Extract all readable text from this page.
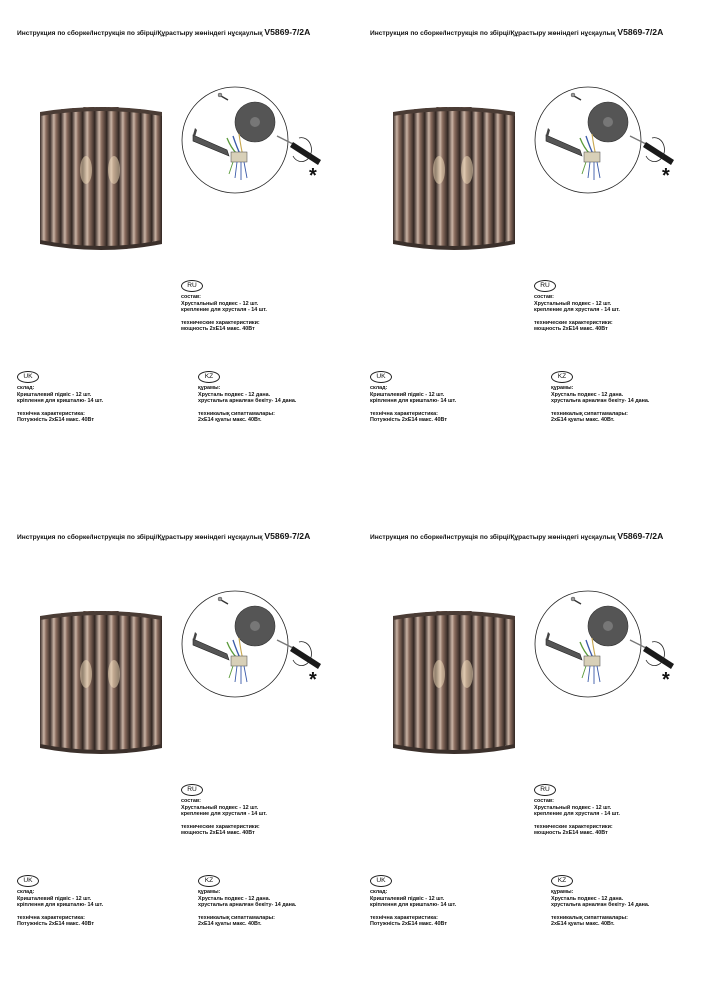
Инструкция по сборке/Інструкція по збірці/Құрастыру жөніндегі нұсқаулық V5869-7/2A
*
RU
состав:
Хрустальный подвес - 12 шт.
крепление для хрусталя - 14 шт.
технические характеристики:
мощность 2хЕ14 макс. 40Вт
UK
склад:
Кришталевий підвіс - 12 шт.
кріплення для кришталю- 14 шт.
технічна характеристика:
Потужність 2хЕ14 макс. 40Вт
KZ
құрамы:
Хрусталь подвес - 12 дана.
хрустальға арналған бекіту- 14 дана.
техникалық сипаттамалары:
2хЕ14 қуаты макс. 40Вт.
Инструкция по сборке/Інструкція по збірці/Құрастыру жөніндегі нұсқаулық V5869-7/2A
*
RU
состав:
Хрустальный подвес - 12 шт.
крепление для хрусталя - 14 шт.
технические характеристики:
мощность 2хЕ14 макс. 40Вт
UK
склад:
Кришталевий підвіс - 12 шт.
кріплення для кришталю- 14 шт.
технічна характеристика:
Потужність 2хЕ14 макс. 40Вт
KZ
құрамы:
Хрусталь подвес - 12 дана.
хрустальға арналған бекіту- 14 дана.
техникалық сипаттамалары:
2хЕ14 қуаты макс. 40Вт.
Инструкция по сборке/Інструкція по збірці/Құрастыру жөніндегі нұсқаулық V5869-7/2A
*
RU
состав:
Хрустальный подвес - 12 шт.
крепление для хрусталя - 14 шт.
технические характеристики:
мощность 2хЕ14 макс. 40Вт
UK
склад:
Кришталевий підвіс - 12 шт.
кріплення для кришталю- 14 шт.
технічна характеристика:
Потужність 2хЕ14 макс. 40Вт
KZ
құрамы:
Хрусталь подвес - 12 дана.
хрустальға арналған бекіту- 14 дана.
техникалық сипаттамалары:
2хЕ14 қуаты макс. 40Вт.
Инструкция по сборке/Інструкція по збірці/Құрастыру жөніндегі нұсқаулық V5869-7/2A
*
RU
состав:
Хрустальный подвес - 12 шт.
крепление для хрусталя - 14 шт.
технические характеристики:
мощность 2хЕ14 макс. 40Вт
UK
склад:
Кришталевий підвіс - 12 шт.
кріплення для кришталю- 14 шт.
технічна характеристика:
Потужність 2хЕ14 макс. 40Вт
KZ
құрамы:
Хрусталь подвес - 12 дана.
хрустальға арналған бекіту- 14 дана.
техникалық сипаттамалары:
2хЕ14 қуаты макс. 40Вт.
